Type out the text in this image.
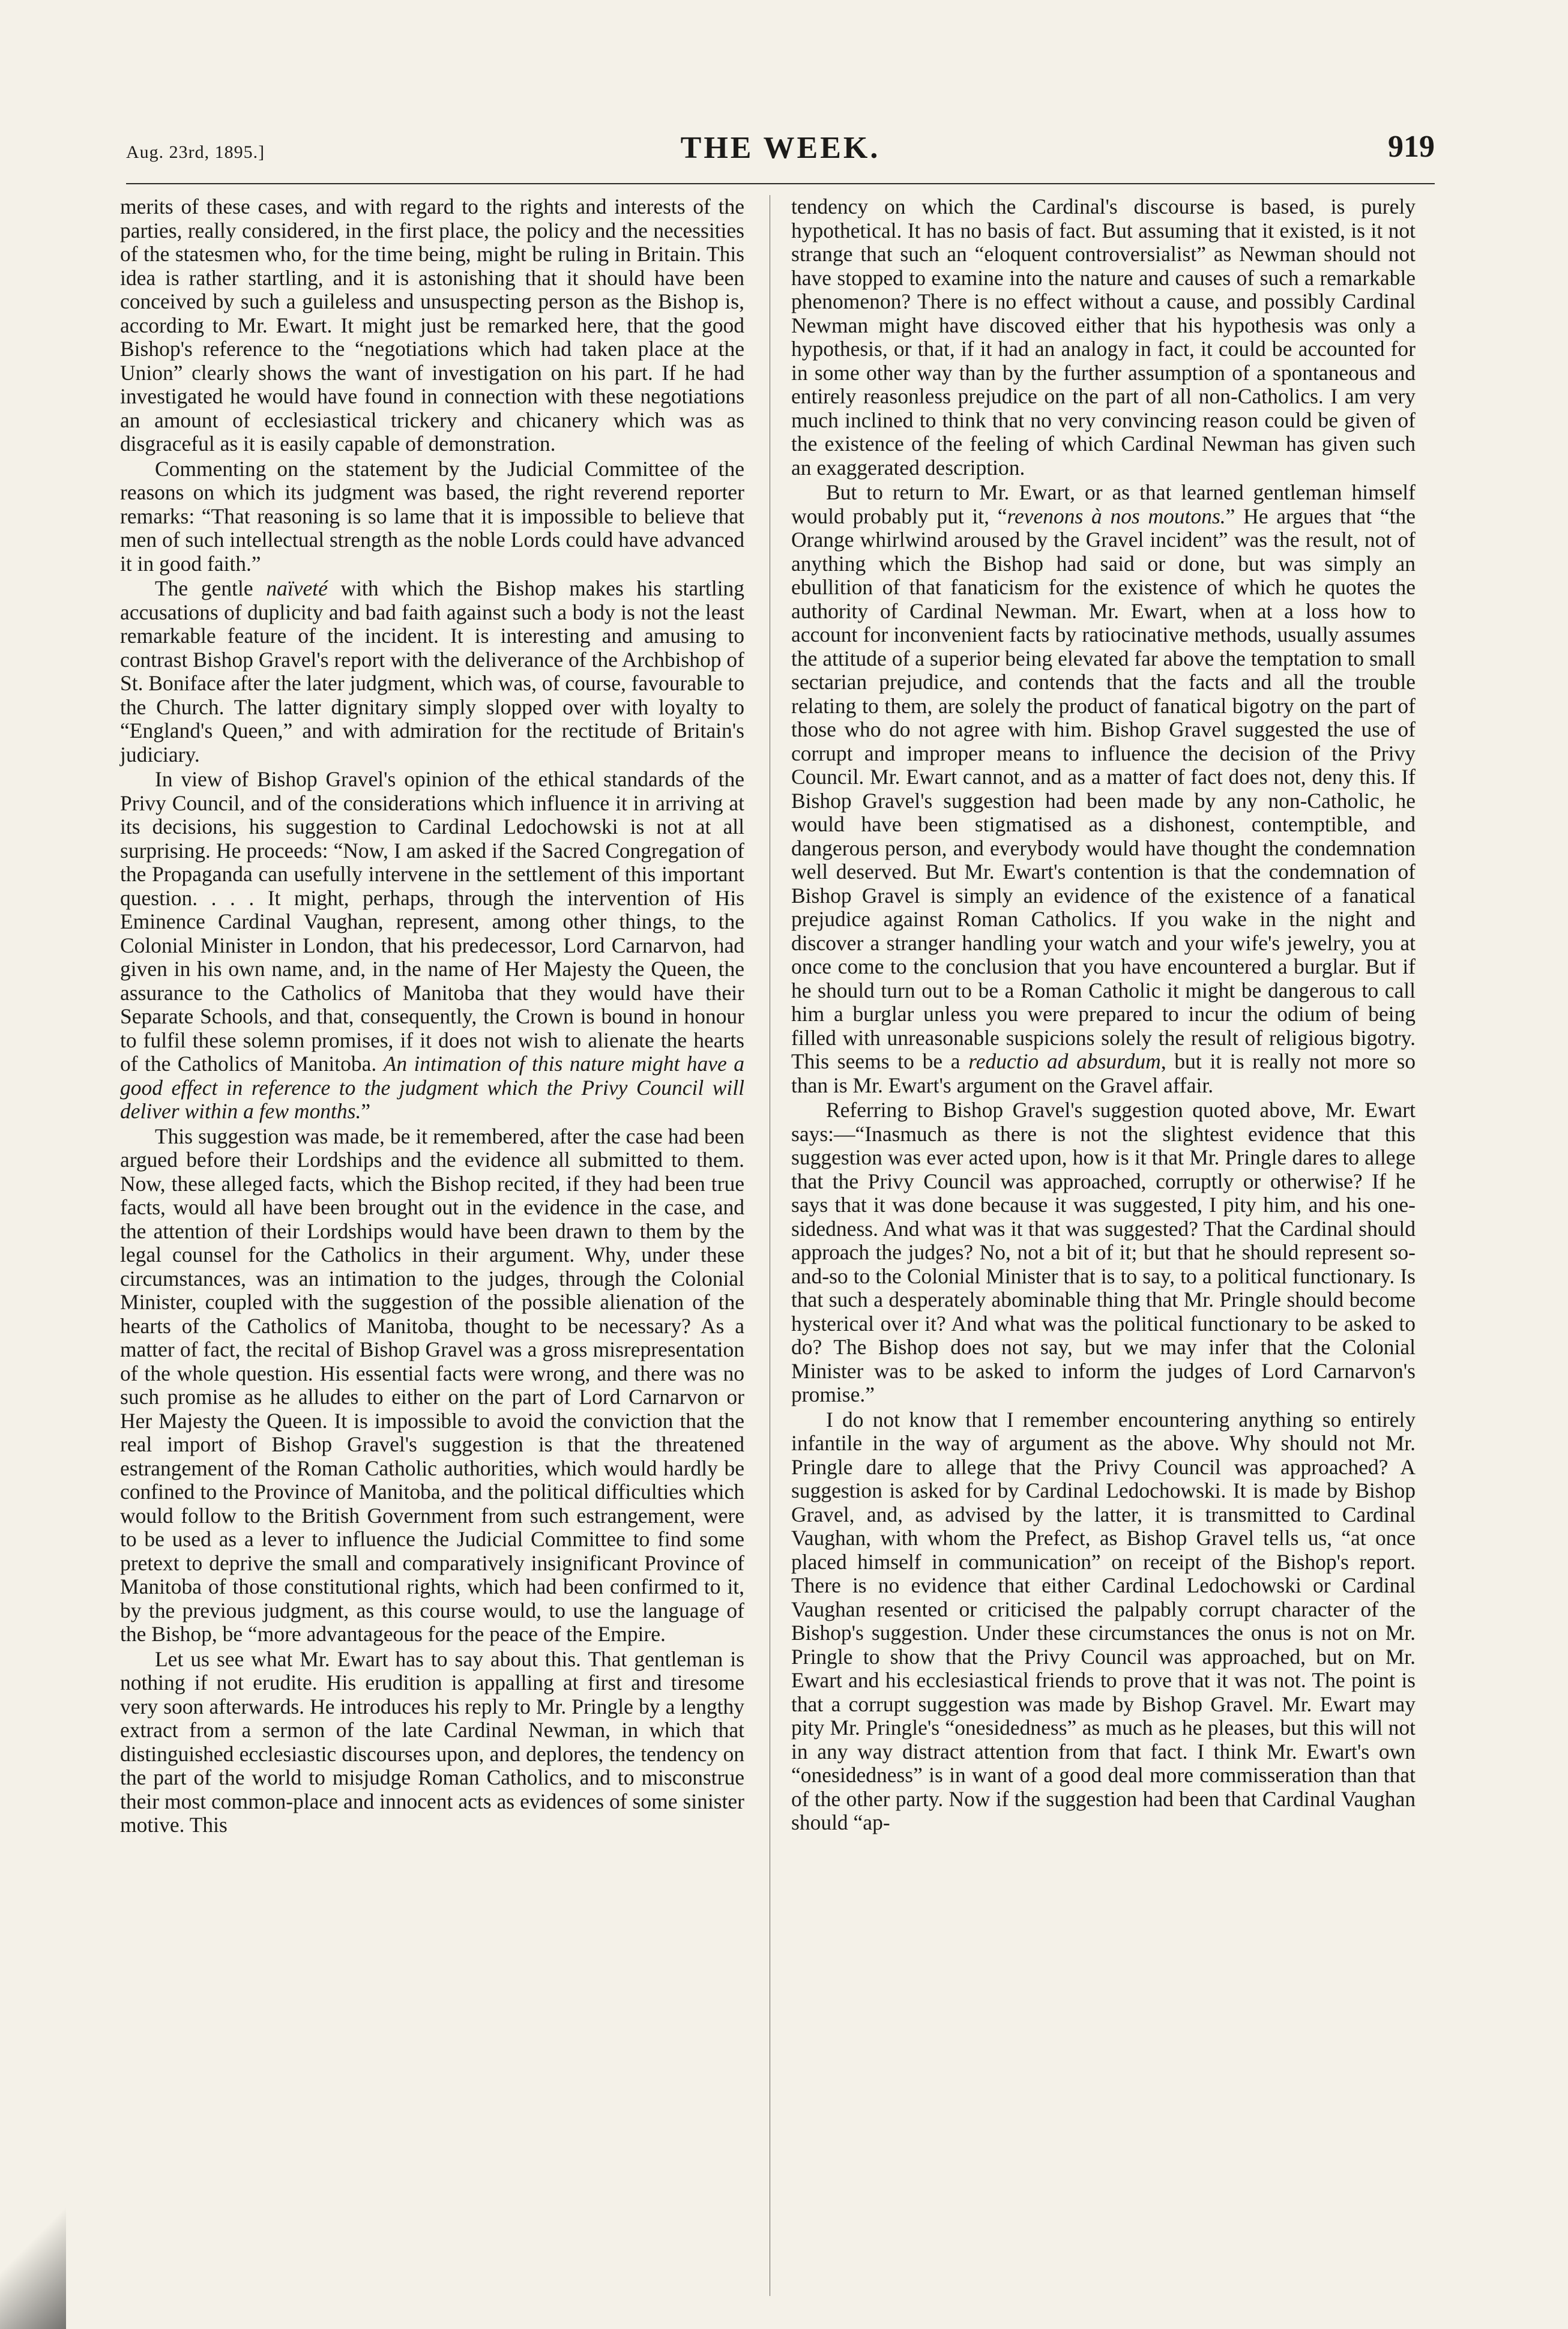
Aug. 23rd, 1895.]	THE WEEK.	919

merits of these cases, and with regard to the rights and interests of the parties, really considered, in the first place, the policy and the necessities of the statesmen who, for the time being, might be ruling in Britain. This idea is rather startling, and it is astonishing that it should have been conceived by such a guileless and unsuspecting person as the Bishop is, according to Mr. Ewart. It might just be remarked here, that the good Bishop's reference to the “negotiations which had taken place at the Union” clearly shows the want of investigation on his part. If he had investigated he would have found in connection with these negotiations an amount of ecclesiastical trickery and chicanery which was as disgraceful as it is easily capable of demonstration.

Commenting on the statement by the Judicial Committee of the reasons on which its judgment was based, the right reverend reporter remarks: “That reasoning is so lame that it is impossible to believe that men of such intellectual strength as the noble Lords could have advanced it in good faith.”

The gentle naïveté with which the Bishop makes his startling accusations of duplicity and bad faith against such a body is not the least remarkable feature of the incident. It is interesting and amusing to contrast Bishop Gravel's report with the deliverance of the Archbishop of St. Boniface after the later judgment, which was, of course, favourable to the Church. The latter dignitary simply slopped over with loyalty to “England's Queen,” and with admiration for the rectitude of Britain's judiciary.

In view of Bishop Gravel's opinion of the ethical standards of the Privy Council, and of the considerations which influence it in arriving at its decisions, his suggestion to Cardinal Ledochowski is not at all surprising. He proceeds: “Now, I am asked if the Sacred Congregation of the Propaganda can usefully intervene in the settlement of this important question. . . . It might, perhaps, through the intervention of His Eminence Cardinal Vaughan, represent, among other things, to the Colonial Minister in London, that his predecessor, Lord Carnarvon, had given in his own name, and, in the name of Her Majesty the Queen, the assurance to the Catholics of Manitoba that they would have their Separate Schools, and that, consequently, the Crown is bound in honour to fulfil these solemn promises, if it does not wish to alienate the hearts of the Catholics of Manitoba. An intimation of this nature might have a good effect in reference to the judgment which the Privy Council will deliver within a few months.”

This suggestion was made, be it remembered, after the case had been argued before their Lordships and the evidence all submitted to them. Now, these alleged facts, which the Bishop recited, if they had been true facts, would all have been brought out in the evidence in the case, and the attention of their Lordships would have been drawn to them by the legal counsel for the Catholics in their argument. Why, under these circumstances, was an intimation to the judges, through the Colonial Minister, coupled with the suggestion of the possible alienation of the hearts of the Catholics of Manitoba, thought to be necessary? As a matter of fact, the recital of Bishop Gravel was a gross misrepresentation of the whole question. His essential facts were wrong, and there was no such promise as he alludes to either on the part of Lord Carnarvon or Her Majesty the Queen. It is impossible to avoid the conviction that the real import of Bishop Gravel's suggestion is that the threatened estrangement of the Roman Catholic authorities, which would hardly be confined to the Province of Manitoba, and the political difficulties which would follow to the British Government from such estrangement, were to be used as a lever to influence the Judicial Committee to find some pretext to deprive the small and comparatively insignificant Province of Manitoba of those constitutional rights, which had been confirmed to it, by the previous judgment, as this course would, to use the language of the Bishop, be “more advantageous for the peace of the Empire.

Let us see what Mr. Ewart has to say about this. That gentleman is nothing if not erudite. His erudition is appalling at first and tiresome very soon afterwards. He introduces his reply to Mr. Pringle by a lengthy extract from a sermon of the late Cardinal Newman, in which that distinguished ecclesiastic discourses upon, and deplores, the tendency on the part of the world to misjudge Roman Catholics, and to misconstrue their most common-place and innocent acts as evidences of some sinister motive. This

tendency on which the Cardinal's discourse is based, is purely hypothetical. It has no basis of fact. But assuming that it existed, is it not strange that such an “eloquent controversialist” as Newman should not have stopped to examine into the nature and causes of such a remarkable phenomenon? There is no effect without a cause, and possibly Cardinal Newman might have discoved either that his hypothesis was only a hypothesis, or that, if it had an analogy in fact, it could be accounted for in some other way than by the further assumption of a spontaneous and entirely reasonless prejudice on the part of all non-Catholics. I am very much inclined to think that no very convincing reason could be given of the existence of the feeling of which Cardinal Newman has given such an exaggerated description.

But to return to Mr. Ewart, or as that learned gentleman himself would probably put it, “revenons à nos moutons.” He argues that “the Orange whirlwind aroused by the Gravel incident” was the result, not of anything which the Bishop had said or done, but was simply an ebullition of that fanaticism for the existence of which he quotes the authority of Cardinal Newman. Mr. Ewart, when at a loss how to account for inconvenient facts by ratiocinative methods, usually assumes the attitude of a superior being elevated far above the temptation to small sectarian prejudice, and contends that the facts and all the trouble relating to them, are solely the product of fanatical bigotry on the part of those who do not agree with him. Bishop Gravel suggested the use of corrupt and improper means to influence the decision of the Privy Council. Mr. Ewart cannot, and as a matter of fact does not, deny this. If Bishop Gravel's suggestion had been made by any non-Catholic, he would have been stigmatised as a dishonest, contemptible, and dangerous person, and everybody would have thought the condemnation well deserved. But Mr. Ewart's contention is that the condemnation of Bishop Gravel is simply an evidence of the existence of a fanatical prejudice against Roman Catholics. If you wake in the night and discover a stranger handling your watch and your wife's jewelry, you at once come to the conclusion that you have encountered a burglar. But if he should turn out to be a Roman Catholic it might be dangerous to call him a burglar unless you were prepared to incur the odium of being filled with unreasonable suspicions solely the result of religious bigotry. This seems to be a reductio ad absurdum, but it is really not more so than is Mr. Ewart's argument on the Gravel affair.

Referring to Bishop Gravel's suggestion quoted above, Mr. Ewart says:—“Inasmuch as there is not the slightest evidence that this suggestion was ever acted upon, how is it that Mr. Pringle dares to allege that the Privy Council was approached, corruptly or otherwise? If he says that it was done because it was suggested, I pity him, and his one-sidedness. And what was it that was suggested? That the Cardinal should approach the judges? No, not a bit of it; but that he should represent so-and-so to the Colonial Minister that is to say, to a political functionary. Is that such a desperately abominable thing that Mr. Pringle should become hysterical over it? And what was the political functionary to be asked to do? The Bishop does not say, but we may infer that the Colonial Minister was to be asked to inform the judges of Lord Carnarvon's promise.”

I do not know that I remember encountering anything so entirely infantile in the way of argument as the above. Why should not Mr. Pringle dare to allege that the Privy Council was approached? A suggestion is asked for by Cardinal Ledochowski. It is made by Bishop Gravel, and, as advised by the latter, it is transmitted to Cardinal Vaughan, with whom the Prefect, as Bishop Gravel tells us, “at once placed himself in communication” on receipt of the Bishop's report. There is no evidence that either Cardinal Ledochowski or Cardinal Vaughan resented or criticised the palpably corrupt character of the Bishop's suggestion. Under these circumstances the onus is not on Mr. Pringle to show that the Privy Council was approached, but on Mr. Ewart and his ecclesiastical friends to prove that it was not. The point is that a corrupt suggestion was made by Bishop Gravel. Mr. Ewart may pity Mr. Pringle's “onesidedness” as much as he pleases, but this will not in any way distract attention from that fact. I think Mr. Ewart's own “onesidedness” is in want of a good deal more commisseration than that of the other party. Now if the suggestion had been that Cardinal Vaughan should “ap-
